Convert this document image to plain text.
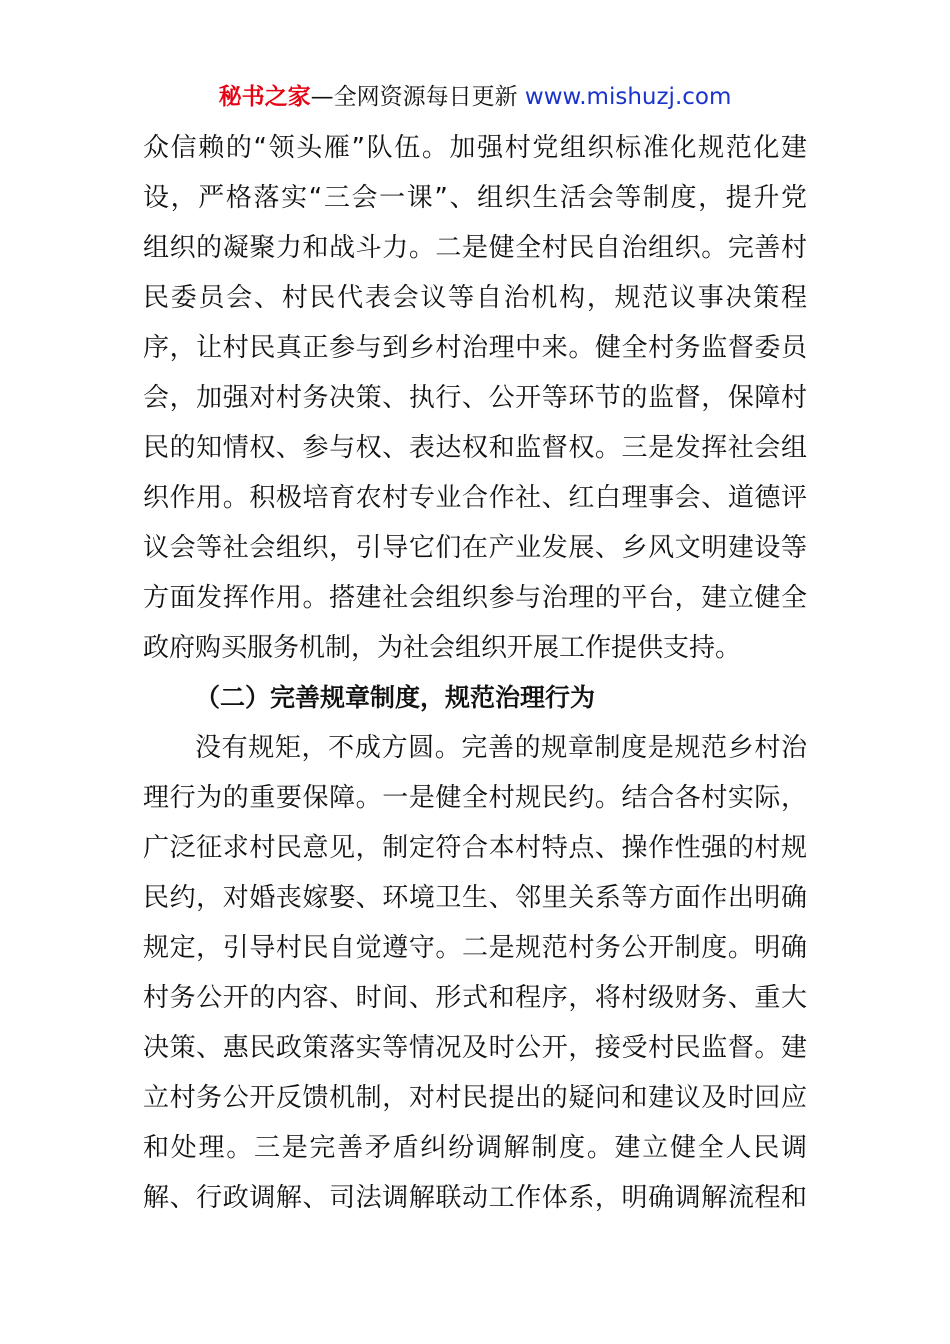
秘书之家—全网资源每日更新 www.mishuzj.com
众信赖的“领头雁”队伍。加强村党组织标准化规范化建
设，严格落实“三会一课”、组织生活会等制度，提升党
组织的凝聚力和战斗力。二是健全村民自治组织。完善村
民委员会、村民代表会议等自治机构，规范议事决策程
序，让村民真正参与到乡村治理中来。健全村务监督委员
会，加强对村务决策、执行、公开等环节的监督，保障村
民的知情权、参与权、表达权和监督权。三是发挥社会组
织作用。积极培育农村专业合作社、红白理事会、道德评
议会等社会组织，引导它们在产业发展、乡风文明建设等
方面发挥作用。搭建社会组织参与治理的平台，建立健全
政府购买服务机制，为社会组织开展工作提供支持。
（二）完善规章制度，规范治理行为
没有规矩，不成方圆。完善的规章制度是规范乡村治
理行为的重要保障。一是健全村规民约。结合各村实际，
广泛征求村民意见，制定符合本村特点、操作性强的村规
民约，对婚丧嫁娶、环境卫生、邻里关系等方面作出明确
规定，引导村民自觉遵守。二是规范村务公开制度。明确
村务公开的内容、时间、形式和程序，将村级财务、重大
决策、惠民政策落实等情况及时公开，接受村民监督。建
立村务公开反馈机制，对村民提出的疑问和建议及时回应
和处理。三是完善矛盾纠纷调解制度。建立健全人民调
解、行政调解、司法调解联动工作体系，明确调解流程和
